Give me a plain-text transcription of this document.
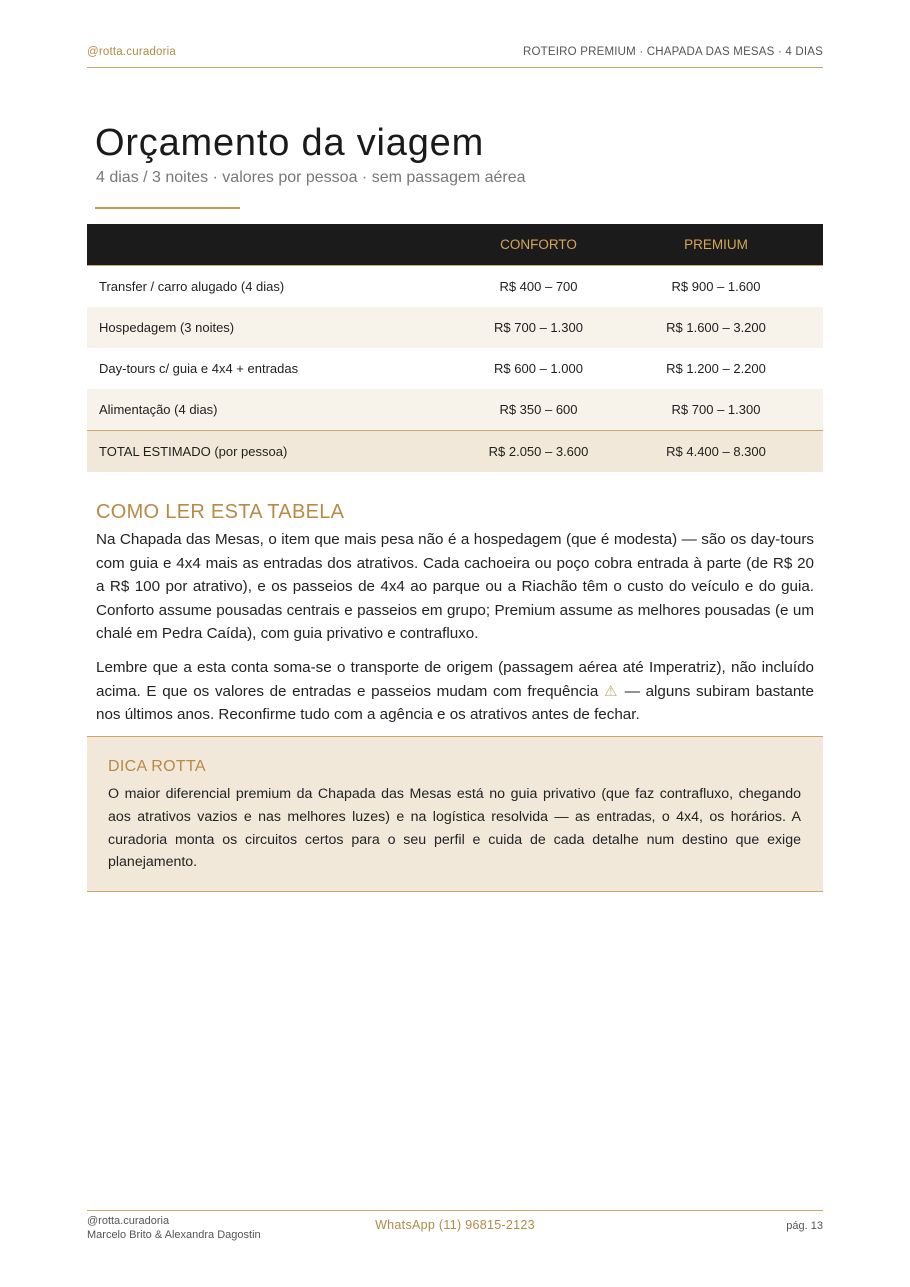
@rotta.curadoria	ROTEIRO PREMIUM · CHAPADA DAS MESAS · 4 DIAS
Orçamento da viagem
4 dias / 3 noites · valores por pessoa · sem passagem aérea
	CONFORTO	PREMIUM
Transfer / carro alugado (4 dias)	R$ 400 – 700	R$ 900 – 1.600
Hospedagem (3 noites)	R$ 700 – 1.300	R$ 1.600 – 3.200
Day-tours c/ guia e 4x4 + entradas	R$ 600 – 1.000	R$ 1.200 – 2.200
Alimentação (4 dias)	R$ 350 – 600	R$ 700 – 1.300
TOTAL ESTIMADO (por pessoa)	R$ 2.050 – 3.600	R$ 4.400 – 8.300
COMO LER ESTA TABELA

Na Chapada das Mesas, o item que mais pesa não é a hospedagem (que é modesta) — são os day-tours com guia e 4x4 mais as entradas dos atrativos. Cada cachoeira ou poço cobra entrada à parte (de R$ 20 a R$ 100 por atrativo), e os passeios de 4x4 ao parque ou a Riachão têm o custo do veículo e do guia. Conforto assume pousadas centrais e passeios em grupo; Premium assume as melhores pousadas (e um chalé em Pedra Caída), com guia privativo e contrafluxo.

Lembre que a esta conta soma-se o transporte de origem (passagem aérea até Imperatriz), não incluído acima. E que os valores de entradas e passeios mudam com frequência ⚠ — alguns subiram bastante nos últimos anos. Reconfirme tudo com a agência e os atrativos antes de fechar.

DICA ROTTA

O maior diferencial premium da Chapada das Mesas está no guia privativo (que faz contrafluxo, chegando aos atrativos vazios e nas melhores luzes) e na logística resolvida — as entradas, o 4x4, os horários. A curadoria monta os circuitos certos para o seu perfil e cuida de cada detalhe num destino que exige planejamento.

@rotta.curadoria
Marcelo Brito & Alexandra Dagostin
WhatsApp (11) 96815-2123	pág. 13
